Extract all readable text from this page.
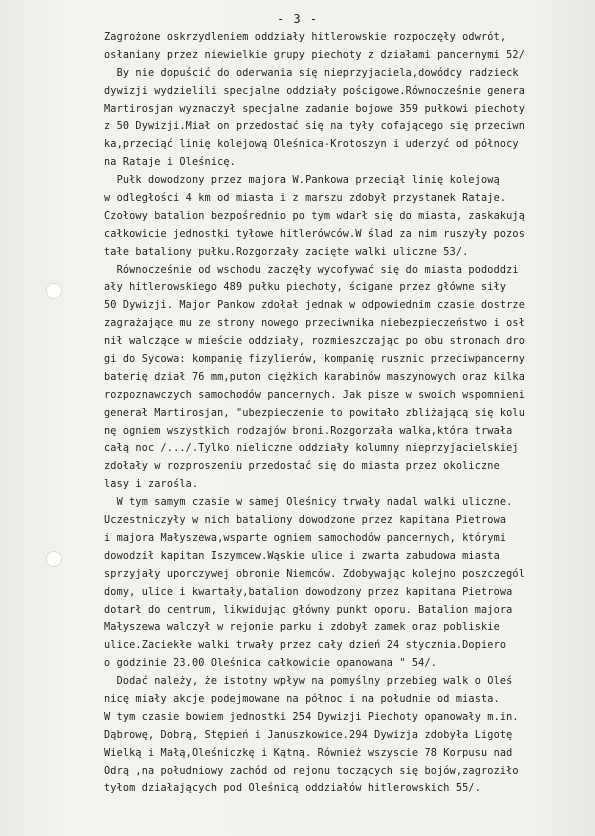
- 3 -
Zagrożone oskrzydleniem oddziały hitlerowskie rozpoczęły odwrót,
osłaniany przez niewielkie grupy piechoty z działami pancernymi 52/
By nie dopuścić do oderwania się nieprzyjaciela,dowódcy radzieck
dywizji wydzielili specjalne oddziały pościgowe.Równocześnie genera
Martirosjan wyznaczył specjalne zadanie bojowe 359 pułkowi piechoty
z 50 Dywizji.Miał on przedostać się na tyły cofającego się przeciwn
ka,przeciąć linię kolejową Oleśnica-Krotoszyn i uderzyć od północy
na Rataje i Oleśnicę.
Pułk dowodzony przez majora W.Pankowa przeciął linię kolejową
w odległości 4 km od miasta i z marszu zdobył przystanek Rataje.
Czołowy batalion bezpośrednio po tym wdarł się do miasta, zaskakują
całkowicie jednostki tyłowe hitlerówców.W ślad za nim ruszyły pozos
tałe bataliony pułku.Rozgorzały zacięte walki uliczne 53/.
Równocześnie od wschodu zaczęły wycofywać się do miasta pododdzi
ały hitlerowskiego 489 pułku piechoty, ścigane przez główne siły
50 Dywizji. Major Pankow zdołał jednak w odpowiednim czasie dostrze
zagrażające mu ze strony nowego przeciwnika niebezpieczeństwo i osł
nił walczące w mieście oddziały, rozmieszczając po obu stronach dro
gi do Sycowa: kompanię fizylierów, kompanię rusznic przeciwpancerny
baterię dział 76 mm,puton ciężkich karabinów maszynowych oraz kilka
rozpoznawczych samochodów pancernych. Jak pisze w swoich wspomnieni
generał Martirosjan, "ubezpieczenie to powitało zbliżającą się kolu
nę ogniem wszystkich rodzajów broni.Rozgorzała walka,która trwała
całą noc /.../.Tylko nieliczne oddziały kolumny nieprzyjacielskiej
zdołały w rozproszeniu przedostać się do miasta przez okoliczne
lasy i zarośla.
W tym samym czasie w samej Oleśnicy trwały nadal walki uliczne.
Uczestniczyły w nich bataliony dowodzone przez kapitana Pietrowa
i majora Małyszewa,wsparte ogniem samochodów pancernych, którymi
dowodził kapitan Iszymcew.Wąskie ulice i zwarta zabudowa miasta
sprzyjały uporczywej obronie Niemców. Zdobywając kolejno poszczegól
domy, ulice i kwartały,batalion dowodzony przez kapitana Pietrowa
dotarł do centrum, likwidując główny punkt oporu. Batalion majora
Małyszewa walczył w rejonie parku i zdobył zamek oraz pobliskie
ulice.Zaciekłe walki trwały przez cały dzień 24 stycznia.Dopiero
o godzinie 23.00 Oleśnica całkowicie opanowana " 54/.
Dodać należy, że istotny wpływ na pomyślny przebieg walk o Oleś
nicę miały akcje podejmowane na północ i na południe od miasta.
W tym czasie bowiem jednostki 254 Dywizji Piechoty opanowały m.in.
Dąbrowę, Dobrą, Stępień i Januszkowice.294 Dywizja zdobyła Ligotę
Wielką i Małą,Oleśniczkę i Kątną. Również wszyscie 78 Korpusu nad
Odrą ,na południowy zachód od rejonu toczących się bojów,zagroziło
tyłom działających pod Oleśnicą oddziałów hitlerowskich 55/.
